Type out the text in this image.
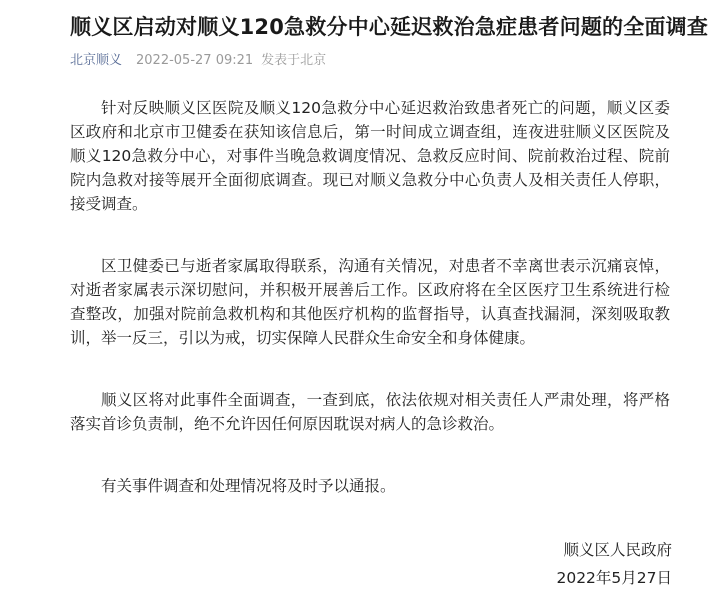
顺义区启动对顺义120急救分中心延迟救治急症患者问题的全面调查
北京顺义 2022-05-27 09:21 发表于北京

针对反映顺义区医院及顺义120急救分中心延迟救治致患者死亡的问题，顺义区委区政府和北京市卫健委在获知该信息后，第一时间成立调查组，连夜进驻顺义区医院及顺义120急救分中心，对事件当晚急救调度情况、急救反应时间、院前救治过程、院前院内急救对接等展开全面彻底调查。现已对顺义急救分中心负责人及相关责任人停职，接受调查。

区卫健委已与逝者家属取得联系，沟通有关情况，对患者不幸离世表示沉痛哀悼，对逝者家属表示深切慰问，并积极开展善后工作。区政府将在全区医疗卫生系统进行检查整改，加强对院前急救机构和其他医疗机构的监督指导，认真查找漏洞，深刻吸取教训，举一反三，引以为戒，切实保障人民群众生命安全和身体健康。

顺义区将对此事件全面调查，一查到底，依法依规对相关责任人严肃处理，将严格落实首诊负责制，绝不允许因任何原因耽误对病人的急诊救治。

有关事件调查和处理情况将及时予以通报。

顺义区人民政府
2022年5月27日
